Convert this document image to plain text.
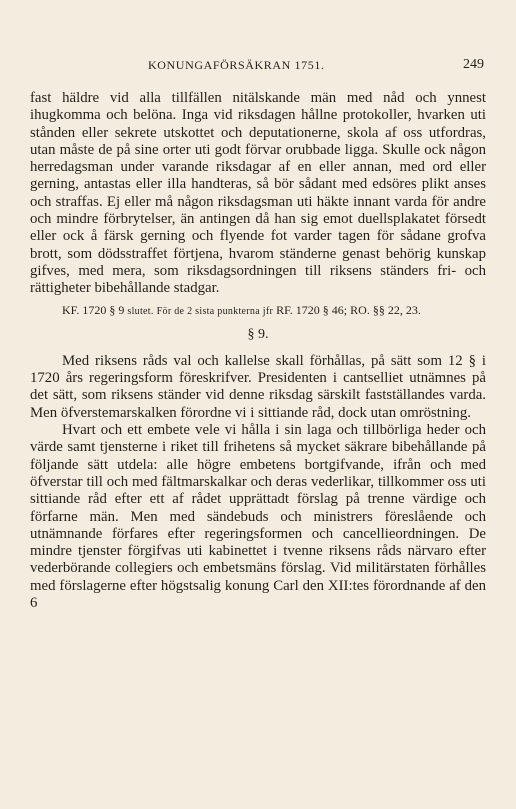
KONUNGAFÖRSÄKRAN 1751.	249

fast häldre vid alla tillfällen nitälskande män med nåd och ynnest ihugkomma och belöna. Inga vid riksdagen hållne protokoller, hvarken uti stånden eller sekrete utskottet och deputationerne, skola af oss utfordras, utan måste de på sine orter uti godt förvar orubbade ligga. Skulle ock någon herredagsman under varande riksdagar af en eller annan, med ord eller gerning, antastas eller illa handteras, så bör sådant med edsöres plikt anses och straffas. Ej eller må någon riksdagsman uti häkte innant varda för andre och mindre förbrytelser, än antingen då han sig emot duellsplakatet försedt eller ock å färsk gerning och flyende fot varder tagen för sådane grofva brott, som dödsstraffet förtjena, hvarom ständerne genast behörig kunskap gifves, med mera, som riksdagsordningen till riksens ständers fri- och rättigheter bibehållande stadgar.

KF. 1720 § 9 slutet. För de 2 sista punkterna jfr RF. 1720 § 46; RO. §§ 22, 23.

§ 9.

Med riksens råds val och kallelse skall förhållas, på sätt som 12 § i 1720 års regeringsform föreskrifver. Presidenten i cantselliet utnämnes på det sätt, som riksens ständer vid denne riksdag särskilt fastställandes varda. Men öfverstemarskalken förordne vi i sittiande råd, dock utan omröstning.

Hvart och ett embete vele vi hålla i sin laga och tillbörliga heder och värde samt tjensterne i riket till frihetens så mycket säkrare bibehållande på följande sätt utdela: alle högre embetens bortgifvande, ifrån och med öfverstar till och med fältmarskalkar och deras vederlikar, tillkommer oss uti sittiande råd efter ett af rådet upprättadt förslag på trenne värdige och förfarne män. Men med sändebuds och ministrers föreslående och utnämnande förfares efter regeringsformen och cancellieordningen. De mindre tjenster förgifvas uti kabinettet i tvenne riksens råds närvaro efter vederbörande collegiers och embetsmäns förslag. Vid militärstaten förhålles med förslagerne efter högstsalig konung Carl den XII:tes förordnande af den 6
